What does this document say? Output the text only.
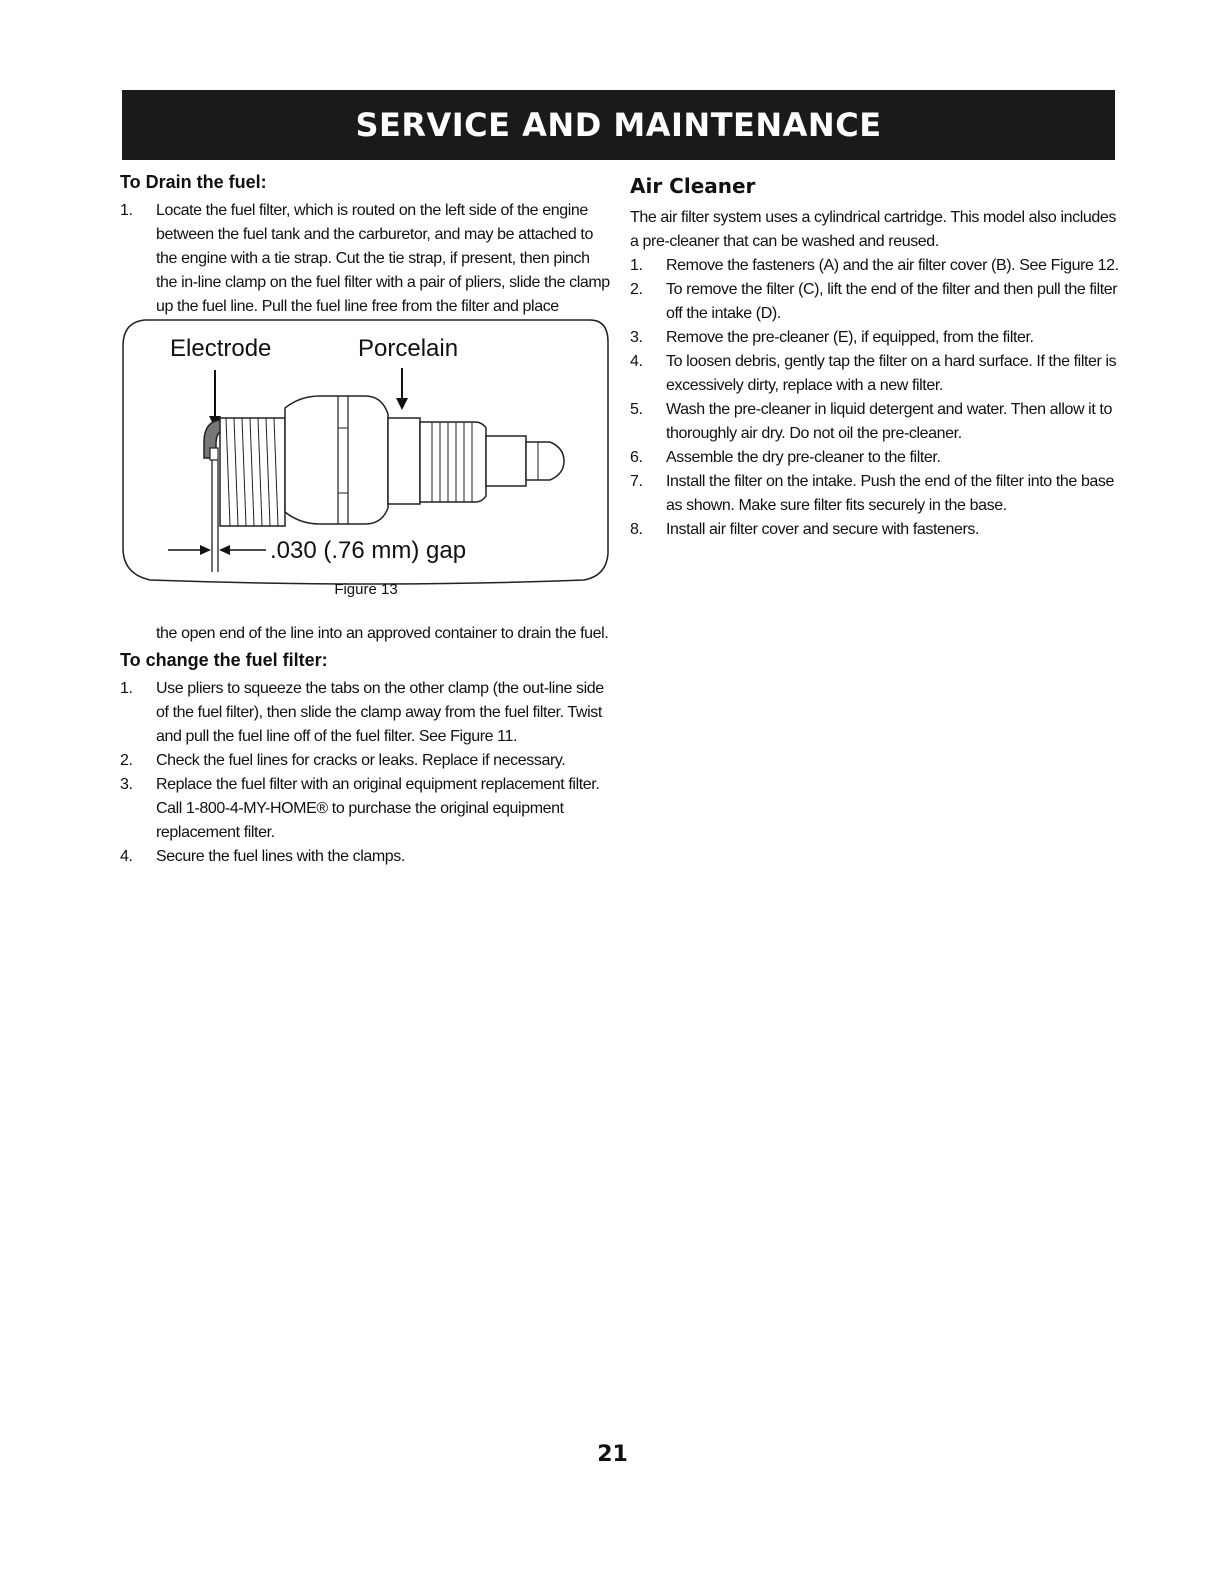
SERVICE AND MAINTENANCE
To Drain the fuel:
1. Locate the fuel filter, which is routed on the left side of the engine between the fuel tank and the carburetor, and may be attached to the engine with a tie strap. Cut the tie strap, if present, then pinch the in-line clamp on the fuel filter with a pair of pliers, slide the clamp up the fuel line. Pull the fuel line free from the filter and place
Electrode	Porcelain
.030 (.76 mm) gap
Figure 13
the open end of the line into an approved container to drain the fuel.
To change the fuel filter:
1. Use pliers to squeeze the tabs on the other clamp (the out-line side of the fuel filter), then slide the clamp away from the fuel filter. Twist and pull the fuel line off of the fuel filter. See Figure 11.
2. Check the fuel lines for cracks or leaks. Replace if necessary.
3. Replace the fuel filter with an original equipment replacement filter. Call 1-800-4-MY-HOME® to purchase the original equipment replacement filter.
4. Secure the fuel lines with the clamps.
Air Cleaner
The air filter system uses a cylindrical cartridge. This model also includes a pre-cleaner that can be washed and reused.
1. Remove the fasteners (A) and the air filter cover (B). See Figure 12.
2. To remove the filter (C), lift the end of the filter and then pull the filter off the intake (D).
3. Remove the pre-cleaner (E), if equipped, from the filter.
4. To loosen debris, gently tap the filter on a hard surface. If the filter is excessively dirty, replace with a new filter.
5. Wash the pre-cleaner in liquid detergent and water. Then allow it to thoroughly air dry. Do not oil the pre-cleaner.
6. Assemble the dry pre-cleaner to the filter.
7. Install the filter on the intake. Push the end of the filter into the base as shown. Make sure filter fits securely in the base.
8. Install air filter cover and secure with fasteners.
21
